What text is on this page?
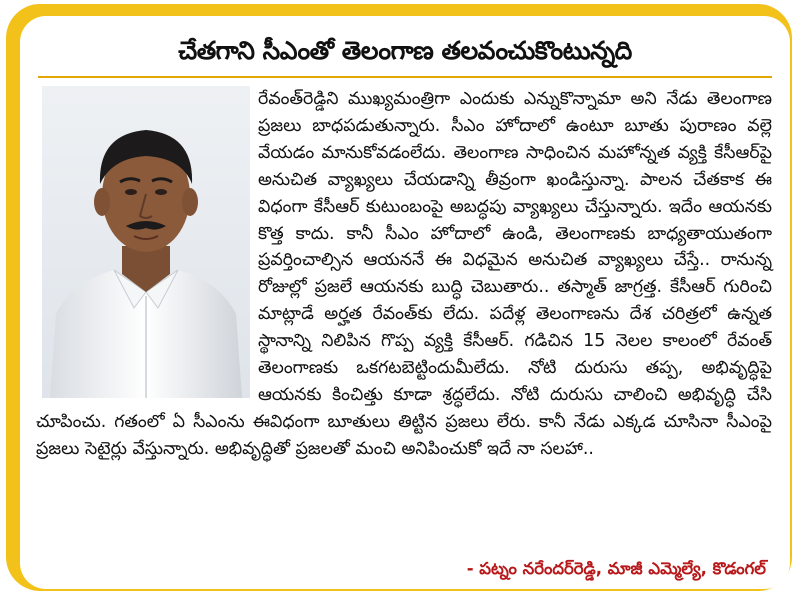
చేతగాని సీఎంతో తెలంగాణ తలవంచుకొంటున్నది
రేవంత్‌రెడ్డిని ముఖ్యమంత్రిగా ఎందుకు ఎన్నుకొన్నామా అని నేడు తెలంగాణ ప్రజలు బాధపడుతున్నారు. సీఎం హోదాలో ఉంటూ బూతు పురాణం వల్లె వేయడం మానుకోవడంలేదు. తెలంగాణ సాధించిన మహోన్నత వ్యక్తి కేసీఆర్‌పై అనుచిత వ్యాఖ్యలు చేయడాన్ని తీవ్రంగా ఖండిస్తున్నా. పాలన చేతకాక ఈ విధంగా కేసీఆర్ కుటుంబంపై అబద్ధపు వ్యాఖ్యలు చేస్తున్నారు. ఇదేం ఆయనకు కొత్త కాదు. కానీ సీఎం హోదాలో ఉండి, తెలంగాణకు బాధ్యతాయుతంగా ప్రవర్తించాల్సిన ఆయననే ఈ విధమైన అనుచిత వ్యాఖ్యలు చేస్తే.. రానున్న రోజుల్లో ప్రజలే ఆయనకు బుద్ధి చెబుతారు.. తస్మాత్ జాగ్రత్త. కేసీఆర్ గురించి మాట్లాడే అర్హత రేవంత్‌కు లేదు. పదేళ్ల తెలంగాణను దేశ చరిత్రలో ఉన్నత స్థానాన్ని నిలిపిన గొప్ప వ్యక్తి కేసీఆర్. గడిచిన 15 నెలల కాలంలో రేవంత్ తెలంగాణకు ఒకగటబెట్టిందుమీలేదు. నోటి దురుసు తప్ప, అభివృద్ధిపై ఆయనకు కించిత్తు కూడా శ్రద్ధలేదు. నోటి దురుసు చాలించి అభివృద్ధి చేసి చూపించు. గతంలో ఏ సీఎంను ఈవిధంగా బూతులు తిట్టిన ప్రజలు లేరు. కానీ నేడు ఎక్కడ చూసినా సీఎంపై ప్రజలు సెటైర్లు వేస్తున్నారు. అభివృద్ధితో ప్రజలతో మంచి అనిపించుకో ఇదే నా సలహా..
- పట్నం నరేందర్‌రెడ్డి, మాజీ ఎమ్మెల్యే, కొడంగల్
